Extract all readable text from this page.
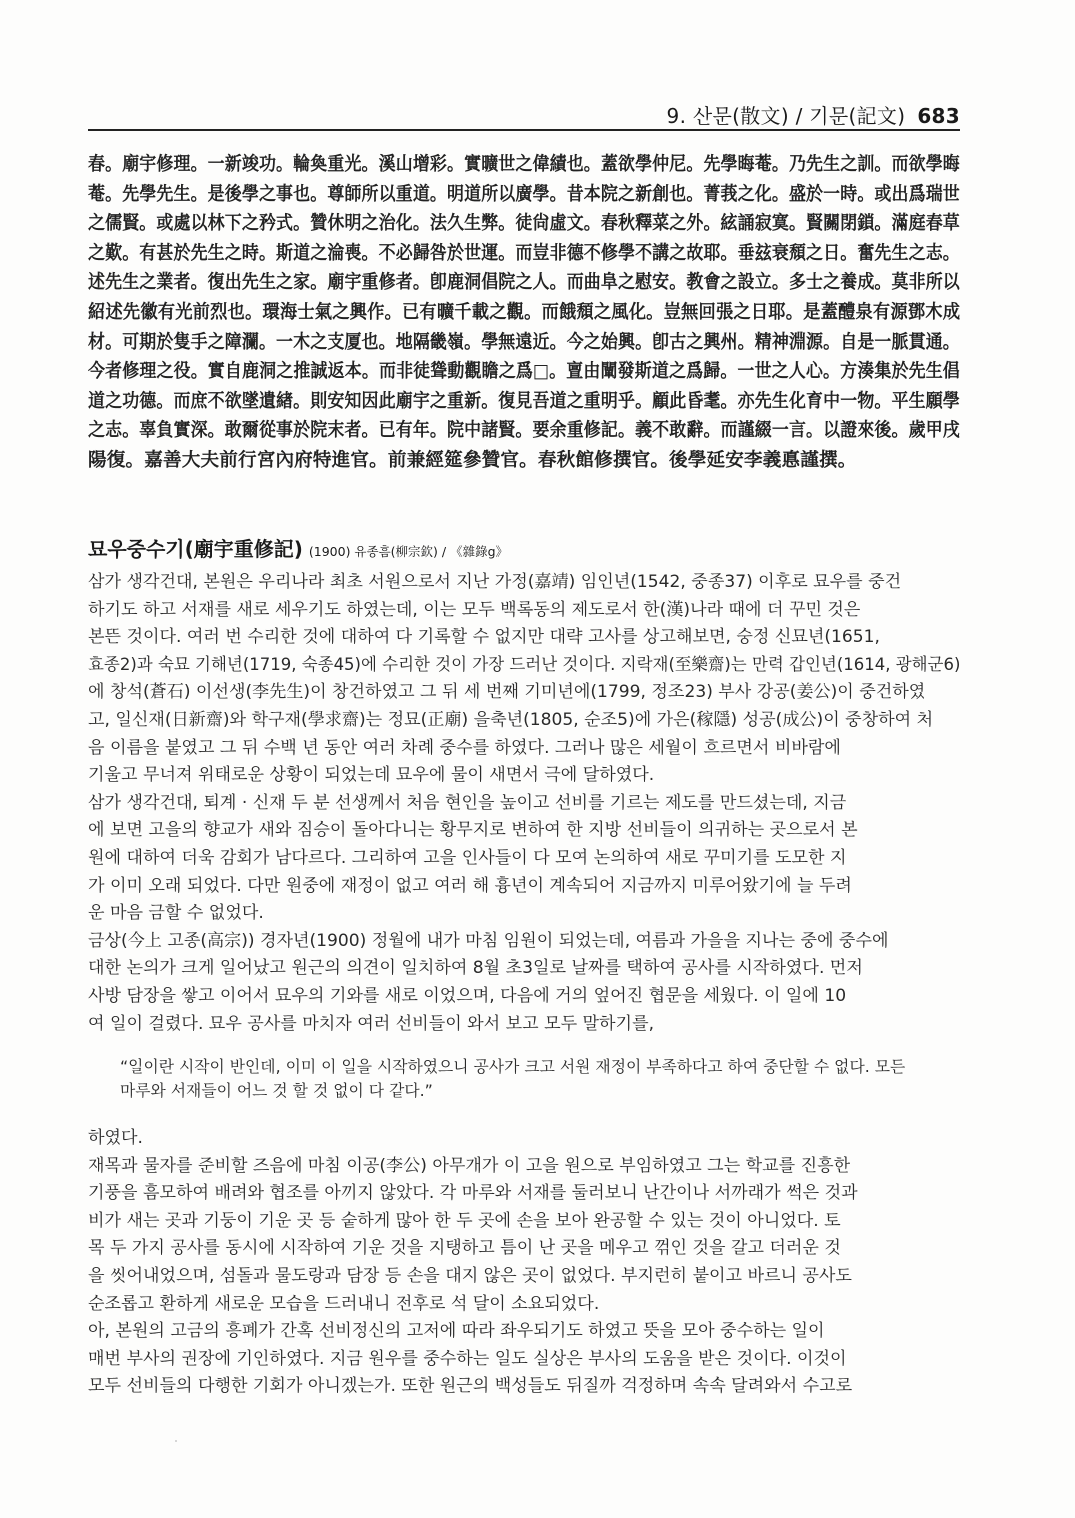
9. 산문(散文) / 기문(記文) 683

春。廟宇修理。一新竣功。輪奐重光。溪山增彩。實曠世之偉績也。蓋欲學仲尼。先學晦菴。乃先生之訓。而欲學晦

菴。先學先生。是後學之事也。尊師所以重道。明道所以廣學。昔本院之新創也。菁莪之化。盛於一時。或出爲瑞世

之儒賢。或處以林下之矜式。贊休明之治化。法久生弊。徒尙虛文。春秋釋菜之外。絃誦寂寞。賢關閉鎖。滿庭春草

之歎。有甚於先生之時。斯道之淪喪。不必歸咎於世運。而豈非德不修學不講之故耶。垂玆衰頹之日。奮先生之志。

述先生之業者。復出先生之家。廟宇重修者。卽鹿洞倡院之人。而曲阜之慰安。教會之設立。多士之養成。莫非所以

紹述先徽有光前烈也。環海士氣之興作。已有曠千載之觀。而餓頹之風化。豈無回張之日耶。是蓋醴泉有源鄧木成

材。可期於隻手之障瀾。一木之支厦也。地隔畿嶺。學無遠近。今之始興。卽古之興州。精神淵源。自是一脈貫通。

今者修理之役。實自鹿洞之推誠返本。而非徒聳動觀瞻之爲□。亶由闡發斯道之爲歸。一世之人心。方湊集於先生倡

道之功德。而庶不欲墜遺緖。則安知因此廟宇之重新。復見吾道之重明乎。顧此昏耄。亦先生化育中一物。平生願學

之志。辜負實深。敢爾從事於院末者。已有年。院中諸賢。要余重修記。義不敢辭。而謹綴一言。以證來後。歲甲戌

陽復。嘉善大夫前行宮內府特進官。前兼經筵參贊官。春秋館修撰官。後學延安李義悳謹撰。

묘우중수기(廟宇重修記) (1900) 유종흠(柳宗欽) / 《雜錄g》

삼가 생각건대, 본원은 우리나라 최초 서원으로서 지난 가정(嘉靖) 임인년(1542, 중종37) 이후로 묘우를 중건

하기도 하고 서재를 새로 세우기도 하였는데, 이는 모두 백록동의 제도로서 한(漢)나라 때에 더 꾸민 것은

본뜬 것이다. 여러 번 수리한 것에 대하여 다 기록할 수 없지만 대략 고사를 상고해보면, 숭정 신묘년(1651,

효종2)과 숙묘 기해년(1719, 숙종45)에 수리한 것이 가장 드러난 것이다. 지락재(至樂齋)는 만력 갑인년(1614, 광해군6)

에 창석(蒼石) 이선생(李先生)이 창건하였고 그 뒤 세 번째 기미년에(1799, 정조23) 부사 강공(姜公)이 중건하였

고, 일신재(日新齋)와 학구재(學求齋)는 정묘(正廟) 을축년(1805, 순조5)에 가은(稼隱) 성공(成公)이 중창하여 처

음 이름을 붙였고 그 뒤 수백 년 동안 여러 차례 중수를 하였다. 그러나 많은 세월이 흐르면서 비바람에

기울고 무너져 위태로운 상황이 되었는데 묘우에 물이 새면서 극에 달하였다.

삼가 생각건대, 퇴계 · 신재 두 분 선생께서 처음 현인을 높이고 선비를 기르는 제도를 만드셨는데, 지금

에 보면 고을의 향교가 새와 짐승이 돌아다니는 황무지로 변하여 한 지방 선비들이 의귀하는 곳으로서 본

원에 대하여 더욱 감회가 남다르다. 그리하여 고을 인사들이 다 모여 논의하여 새로 꾸미기를 도모한 지

가 이미 오래 되었다. 다만 원중에 재정이 없고 여러 해 흉년이 계속되어 지금까지 미루어왔기에 늘 두려

운 마음 금할 수 없었다.

금상(今上 고종(高宗)) 경자년(1900) 정월에 내가 마침 임원이 되었는데, 여름과 가을을 지나는 중에 중수에

대한 논의가 크게 일어났고 원근의 의견이 일치하여 8월 초3일로 날짜를 택하여 공사를 시작하였다. 먼저

사방 담장을 쌓고 이어서 묘우의 기와를 새로 이었으며, 다음에 거의 엎어진 협문을 세웠다. 이 일에 10

여 일이 걸렸다. 묘우 공사를 마치자 여러 선비들이 와서 보고 모두 말하기를,

“일이란 시작이 반인데, 이미 이 일을 시작하였으니 공사가 크고 서원 재정이 부족하다고 하여 중단할 수 없다. 모든

마루와 서재들이 어느 것 할 것 없이 다 같다.”

하였다.

재목과 물자를 준비할 즈음에 마침 이공(李公) 아무개가 이 고을 원으로 부임하였고 그는 학교를 진흥한

기풍을 흠모하여 배려와 협조를 아끼지 않았다. 각 마루와 서재를 둘러보니 난간이나 서까래가 썩은 것과

비가 새는 곳과 기둥이 기운 곳 등 숱하게 많아 한 두 곳에 손을 보아 완공할 수 있는 것이 아니었다. 토

목 두 가지 공사를 동시에 시작하여 기운 것을 지탱하고 틈이 난 곳을 메우고 꺾인 것을 갈고 더러운 것

을 씻어내었으며, 섬돌과 물도랑과 담장 등 손을 대지 않은 곳이 없었다. 부지런히 붙이고 바르니 공사도

순조롭고 환하게 새로운 모습을 드러내니 전후로 석 달이 소요되었다.

아, 본원의 고금의 흥폐가 간혹 선비정신의 고저에 따라 좌우되기도 하였고 뜻을 모아 중수하는 일이

매번 부사의 권장에 기인하였다. 지금 원우를 중수하는 일도 실상은 부사의 도움을 받은 것이다. 이것이

모두 선비들의 다행한 기회가 아니겠는가. 또한 원근의 백성들도 뒤질까 걱정하며 속속 달려와서 수고로
